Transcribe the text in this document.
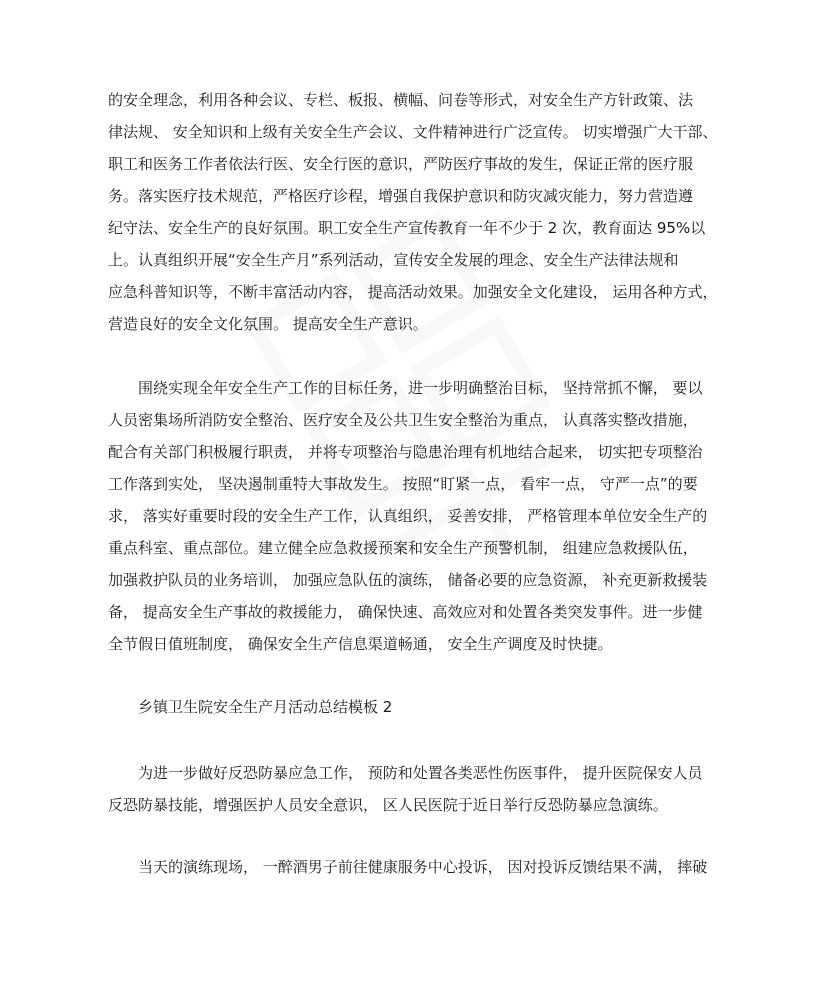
的安全理念，利用各种会议、专栏、板报、横幅、问卷等形式，对安全生产方针政策、法
律法规、 安全知识和上级有关安全生产会议、文件精神进行广泛宣传。 切实增强广大干部、
职工和医务工作者依法行医、安全行医的意识，严防医疗事故的发生，保证正常的医疗服
务。落实医疗技术规范，严格医疗诊程，增强自我保护意识和防灾减灾能力，努力营造遵
纪守法、安全生产的良好氛围。职工安全生产宣传教育一年不少于 2 次，教育面达 95%以
上。认真组织开展“安全生产月”系列活动，宣传安全发展的理念、安全生产法律法规和
应急科普知识等，不断丰富活动内容， 提高活动效果。加强安全文化建设， 运用各种方式，
营造良好的安全文化氛围。 提高安全生产意识。
围绕实现全年安全生产工作的目标任务，进一步明确整治目标， 坚持常抓不懈， 要以
人员密集场所消防安全整治、医疗安全及公共卫生安全整治为重点， 认真落实整改措施，
配合有关部门积极履行职责， 并将专项整治与隐患治理有机地结合起来， 切实把专项整治
工作落到实处， 坚决遏制重特大事故发生。 按照“盯紧一点， 看牢一点， 守严一点”的要
求， 落实好重要时段的安全生产工作，认真组织， 妥善安排， 严格管理本单位安全生产的
重点科室、重点部位。建立健全应急救援预案和安全生产预警机制， 组建应急救援队伍，
加强救护队员的业务培训， 加强应急队伍的演练， 储备必要的应急资源， 补充更新救援装
备， 提高安全生产事故的救援能力， 确保快速、高效应对和处置各类突发事件。进一步健
全节假日值班制度， 确保安全生产信息渠道畅通， 安全生产调度及时快捷。
乡镇卫生院安全生产月活动总结模板 2
为进一步做好反恐防暴应急工作， 预防和处置各类恶性伤医事件， 提升医院保安人员
反恐防暴技能，增强医护人员安全意识， 区人民医院于近日举行反恐防暴应急演练。
当天的演练现场， 一醉酒男子前往健康服务中心投诉， 因对投诉反馈结果不满， 摔破
